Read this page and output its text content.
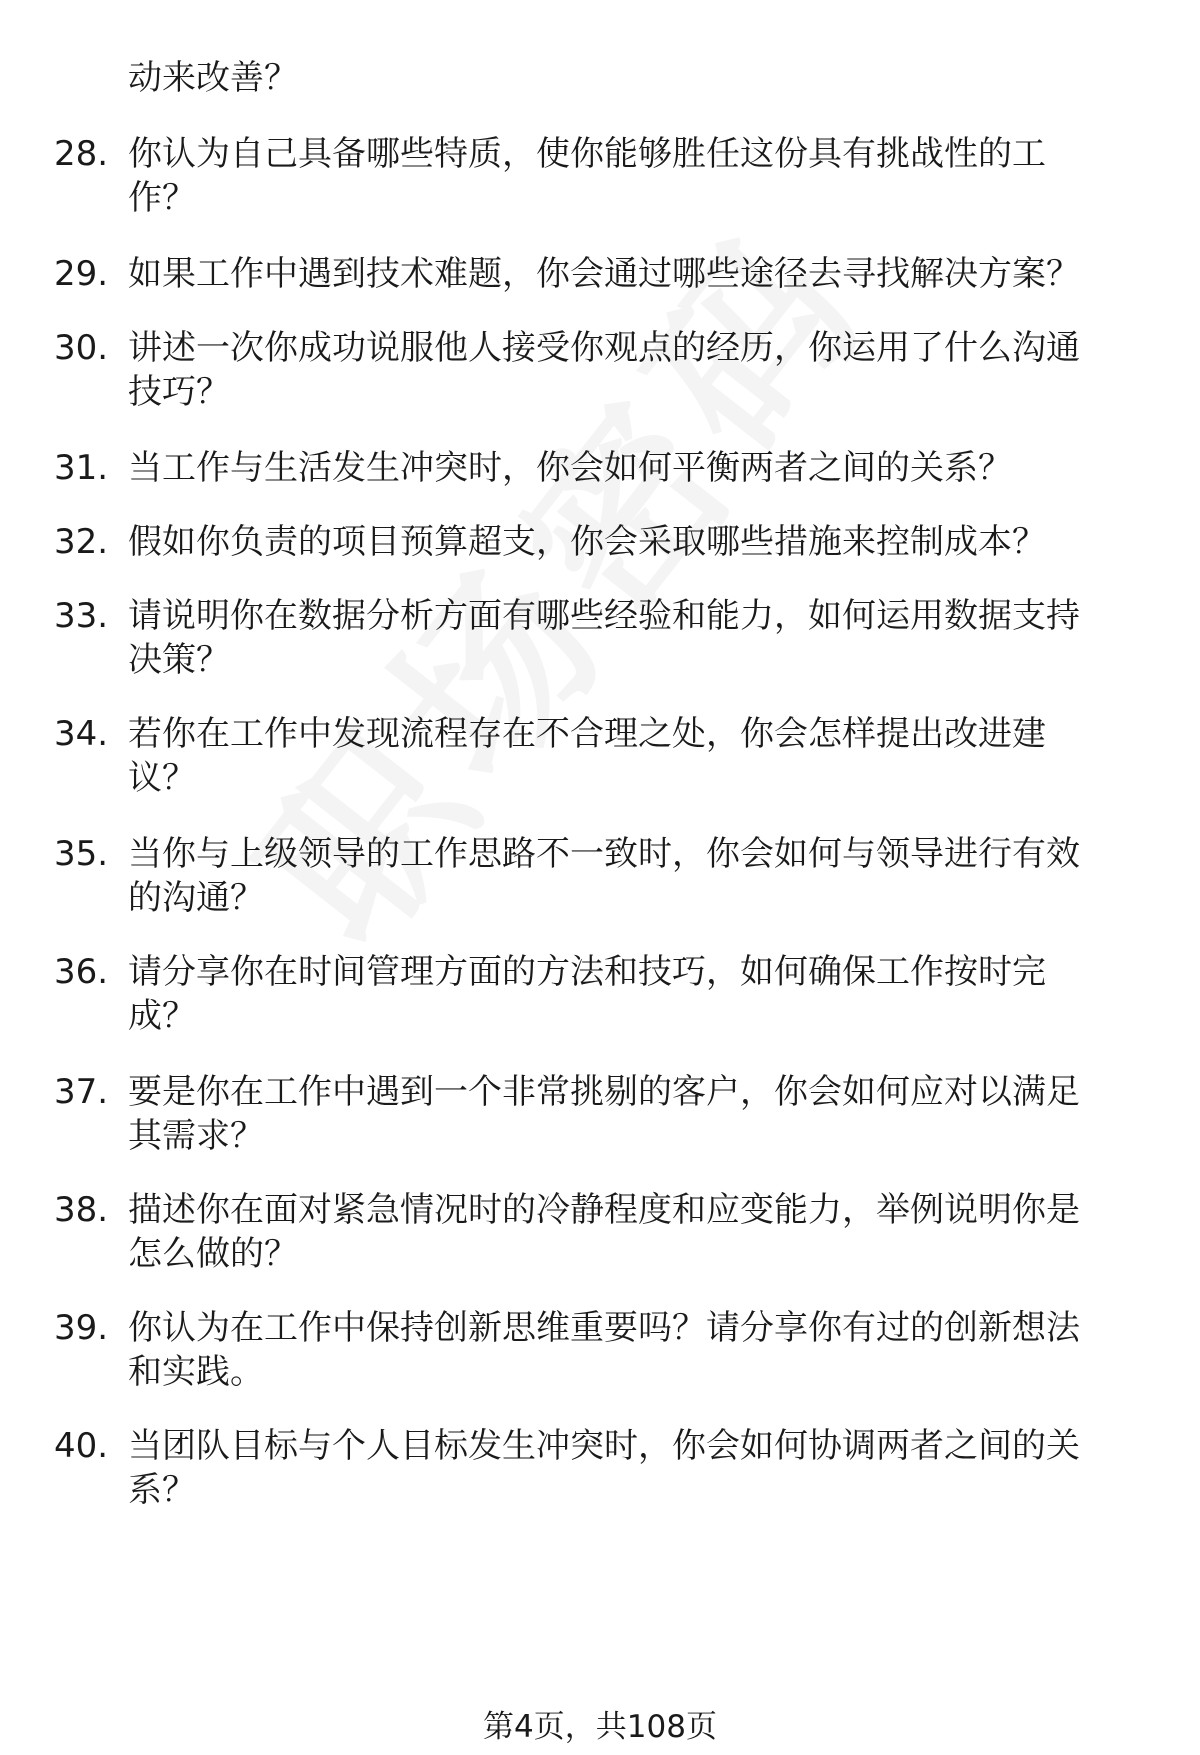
动来改善？
28. 你认为自己具备哪些特质，使你能够胜任这份具有挑战性的工
作？
29. 如果工作中遇到技术难题，你会通过哪些途径去寻找解决方案？
30. 讲述一次你成功说服他人接受你观点的经历，你运用了什么沟通
技巧？
31. 当工作与生活发生冲突时，你会如何平衡两者之间的关系？
32. 假如你负责的项目预算超支，你会采取哪些措施来控制成本？
33. 请说明你在数据分析方面有哪些经验和能力，如何运用数据支持
决策？
34. 若你在工作中发现流程存在不合理之处，你会怎样提出改进建
议？
35. 当你与上级领导的工作思路不一致时，你会如何与领导进行有效
的沟通？
36. 请分享你在时间管理方面的方法和技巧，如何确保工作按时完
成？
37. 要是你在工作中遇到一个非常挑剔的客户，你会如何应对以满足
其需求？
38. 描述你在面对紧急情况时的冷静程度和应变能力，举例说明你是
怎么做的？
39. 你认为在工作中保持创新思维重要吗？请分享你有过的创新想法
和实践。
40. 当团队目标与个人目标发生冲突时，你会如何协调两者之间的关
系？
第4页，共108页
